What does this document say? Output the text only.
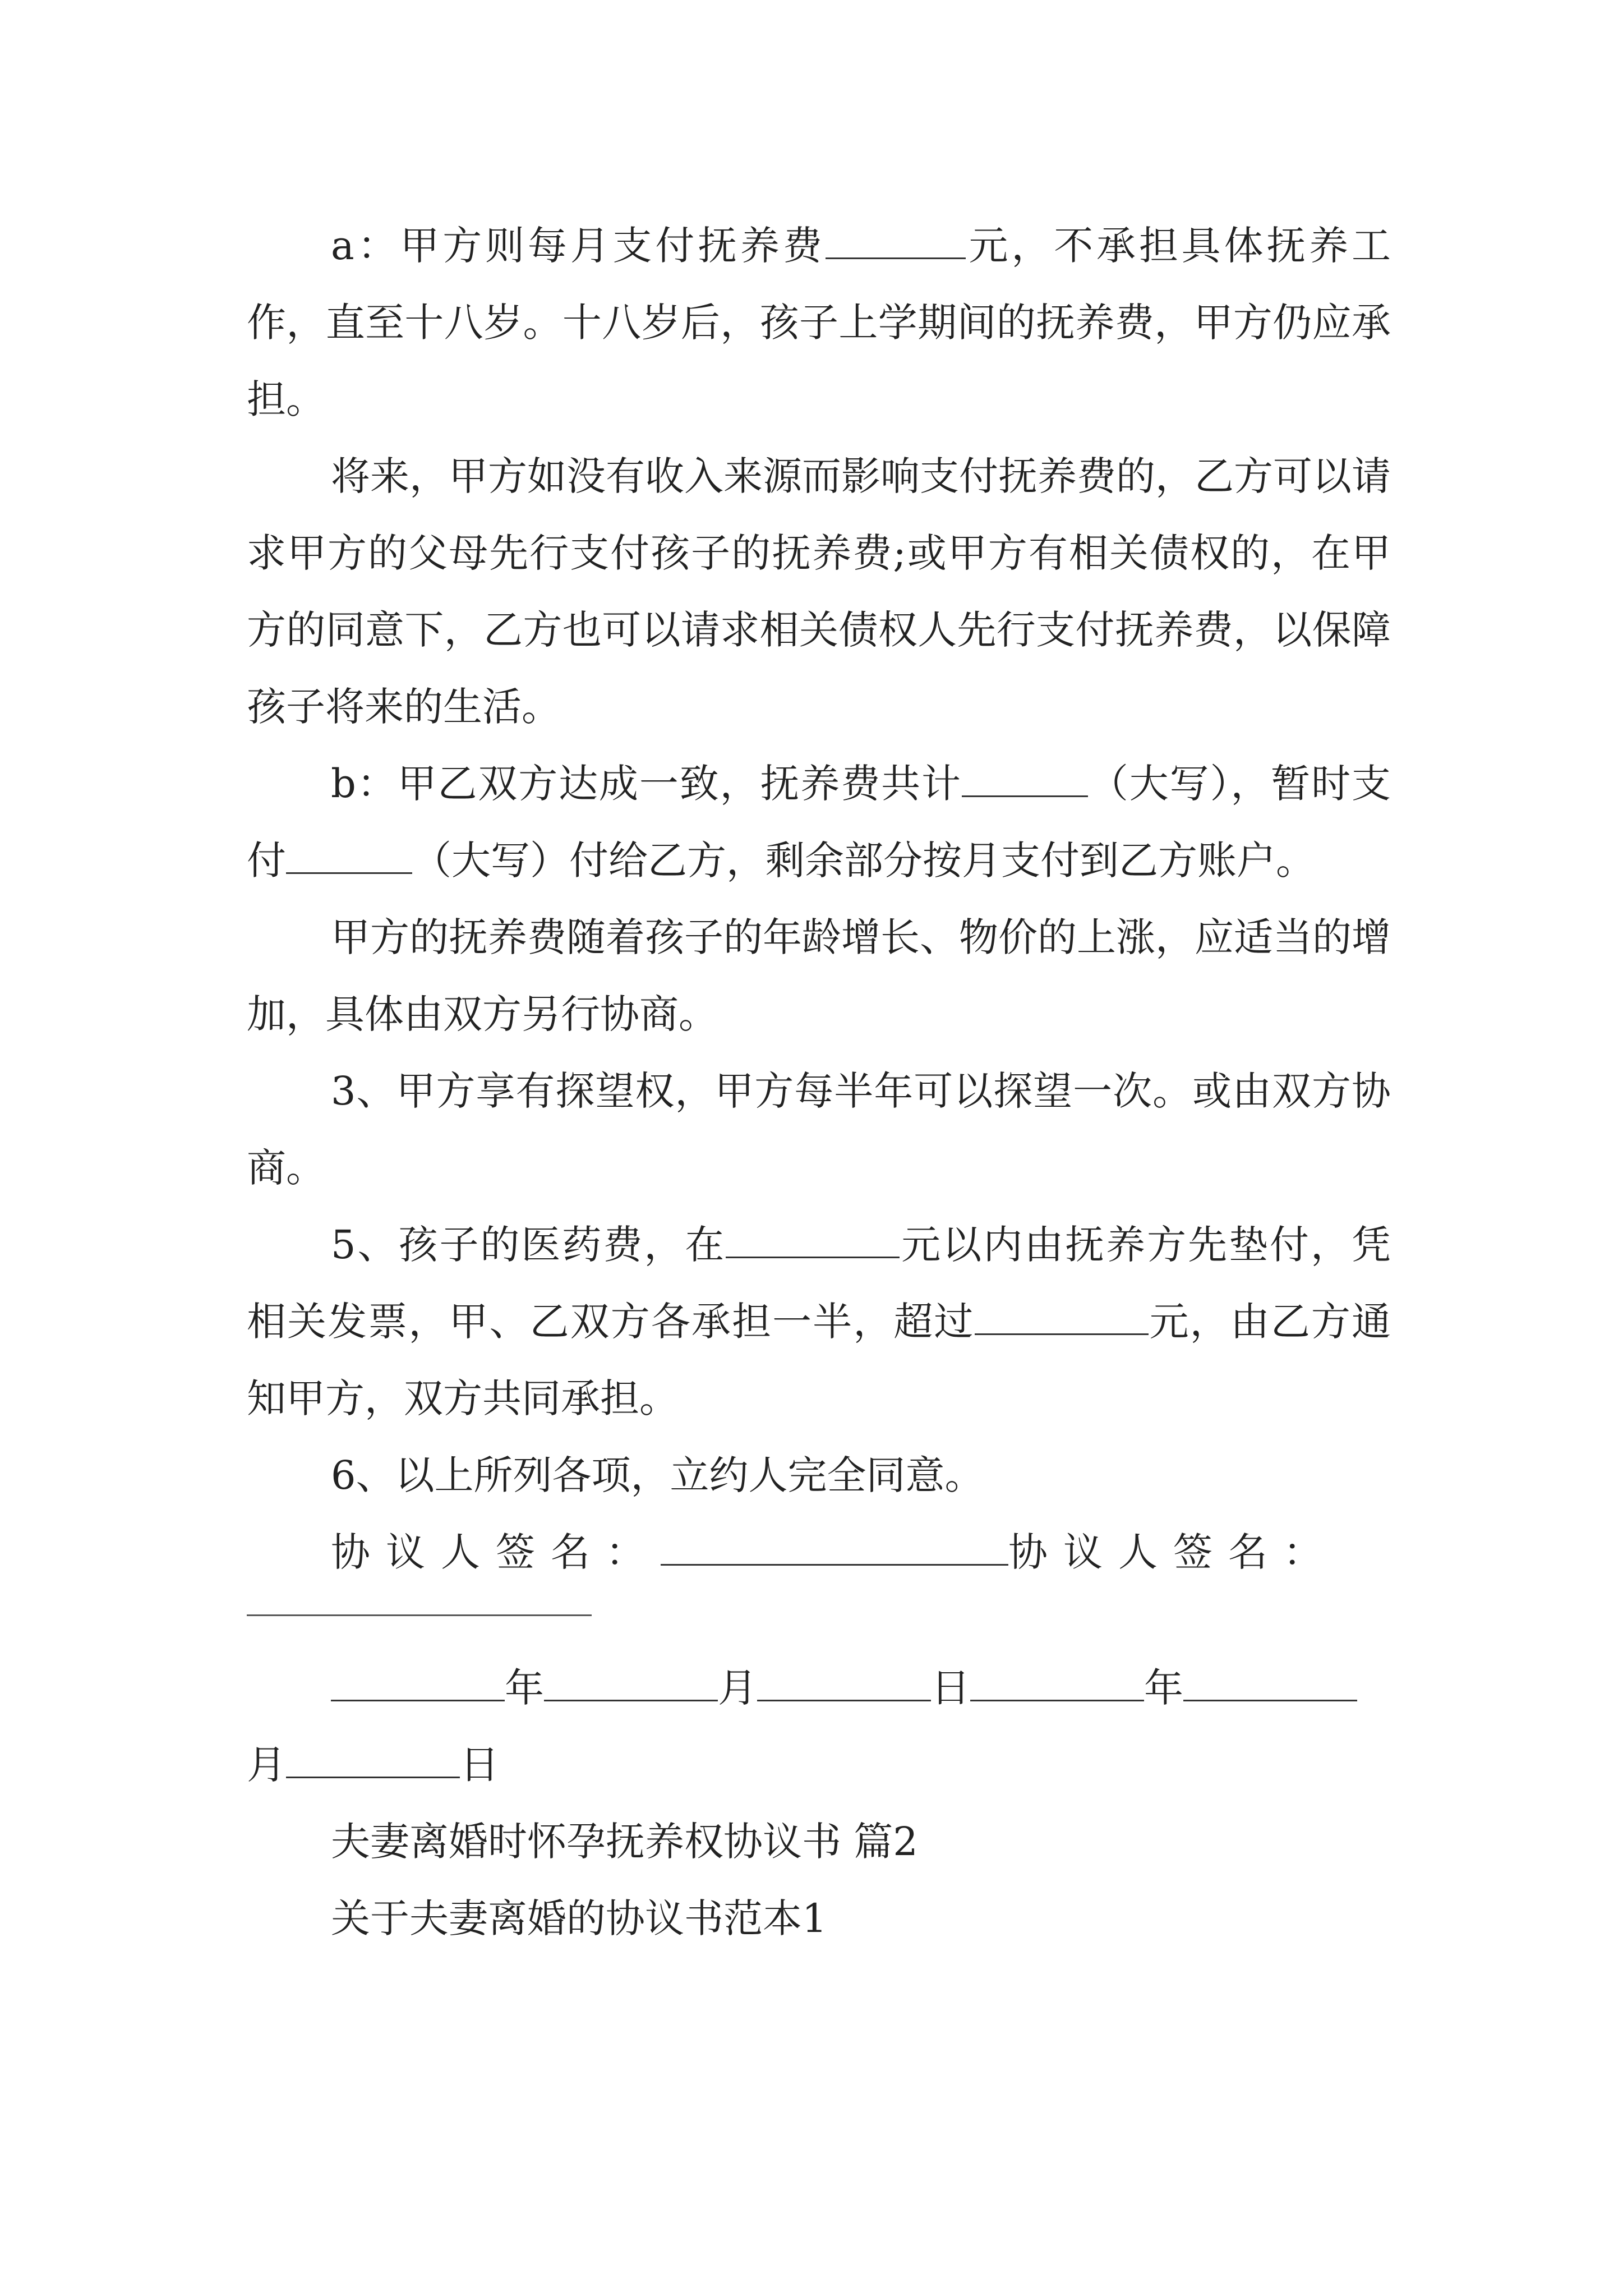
a：甲方则每月支付抚养费	元，不承担具体抚养工作，直至十八岁。十八岁后，孩子上学期间的抚养费，甲方仍应承担。

将来，甲方如没有收入来源而影响支付抚养费的，乙方可以请求甲方的父母先行支付孩子的抚养费;或甲方有相关债权的，在甲方的同意下，乙方也可以请求相关债权人先行支付抚养费，以保障孩子将来的生活。

b：甲乙双方达成一致，抚养费共计	（大写），暂时支付	（大写）付给乙方，剩余部分按月支付到乙方账户。

甲方的抚养费随着孩子的年龄增长、物价的上涨，应适当的增加，具体由双方另行协商。

3、甲方享有探望权，甲方每半年可以探望一次。或由双方协商。

5、孩子的医药费，在	元以内由抚养方先垫付，凭相关发票，甲、乙双方各承担一半，超过	元，由乙方通知甲方，双方共同承担。

6、以上所列各项，立约人完全同意。

协议人签名：	协议人签名：

年	月	日	年

月	日

夫妻离婚时怀孕抚养权协议书 篇2

关于夫妻离婚的协议书范本1
